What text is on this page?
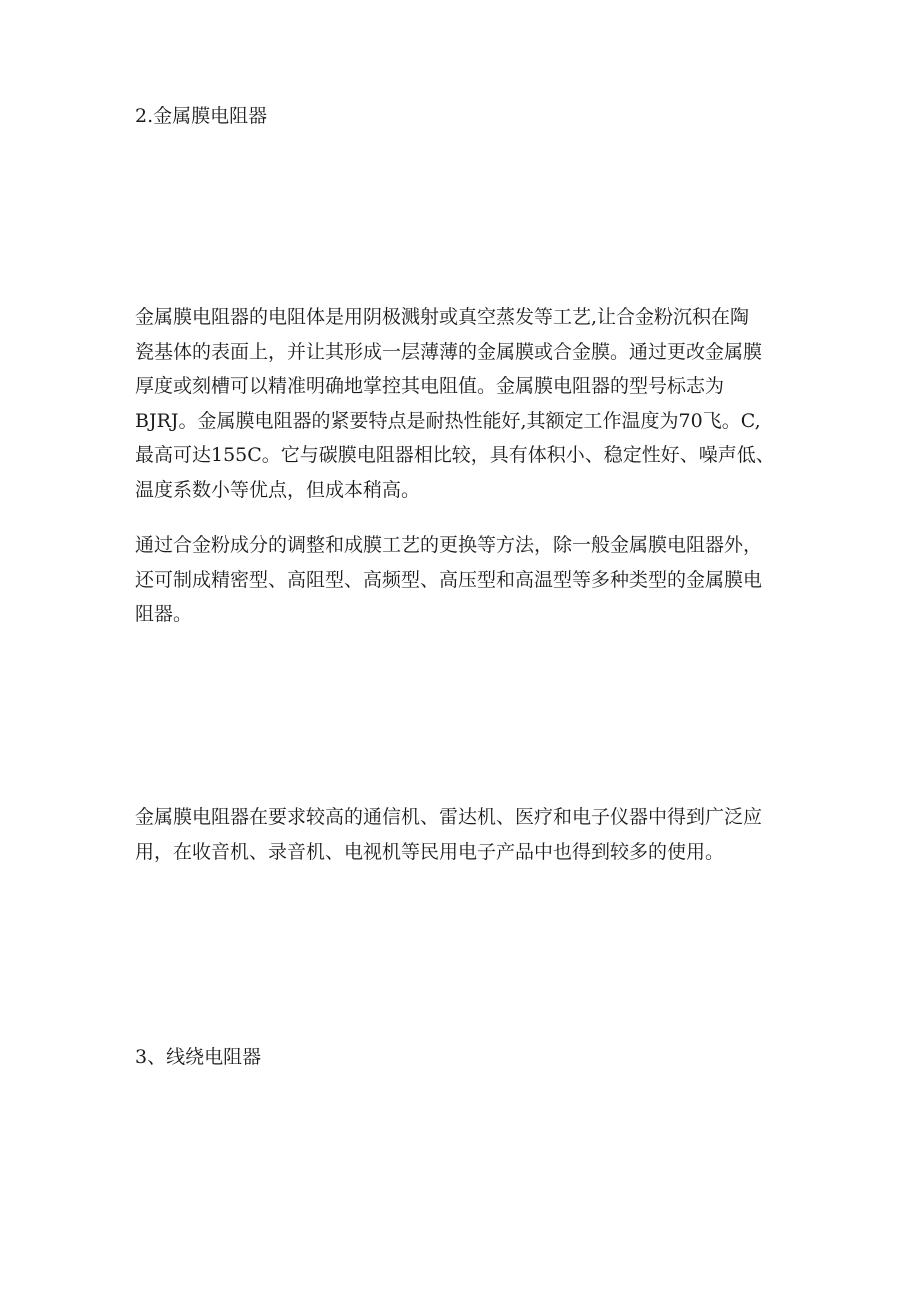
2.金属膜电阻器

金属膜电阻器的电阻体是用阴极溅射或真空蒸发等工艺,让合金粉沉积在陶

瓷基体的表面上，并让其形成一层薄薄的金属膜或合金膜。通过更改金属膜

厚度或刻槽可以精准明确地掌控其电阻值。金属膜电阻器的型号标志为

BJRJ。金属膜电阻器的紧要特点是耐热性能好,其额定工作温度为70飞。C,

最高可达155C。它与碳膜电阻器相比较，具有体积小、稳定性好、噪声低、

温度系数小等优点，但成本稍高。

通过合金粉成分的调整和成膜工艺的更换等方法，除一般金属膜电阻器外，

还可制成精密型、高阻型、高频型、高压型和高温型等多种类型的金属膜电

阻器。

金属膜电阻器在要求较高的通信机、雷达机、医疗和电子仪器中得到广泛应

用，在收音机、录音机、电视机等民用电子产品中也得到较多的使用。

3、线绕电阻器
